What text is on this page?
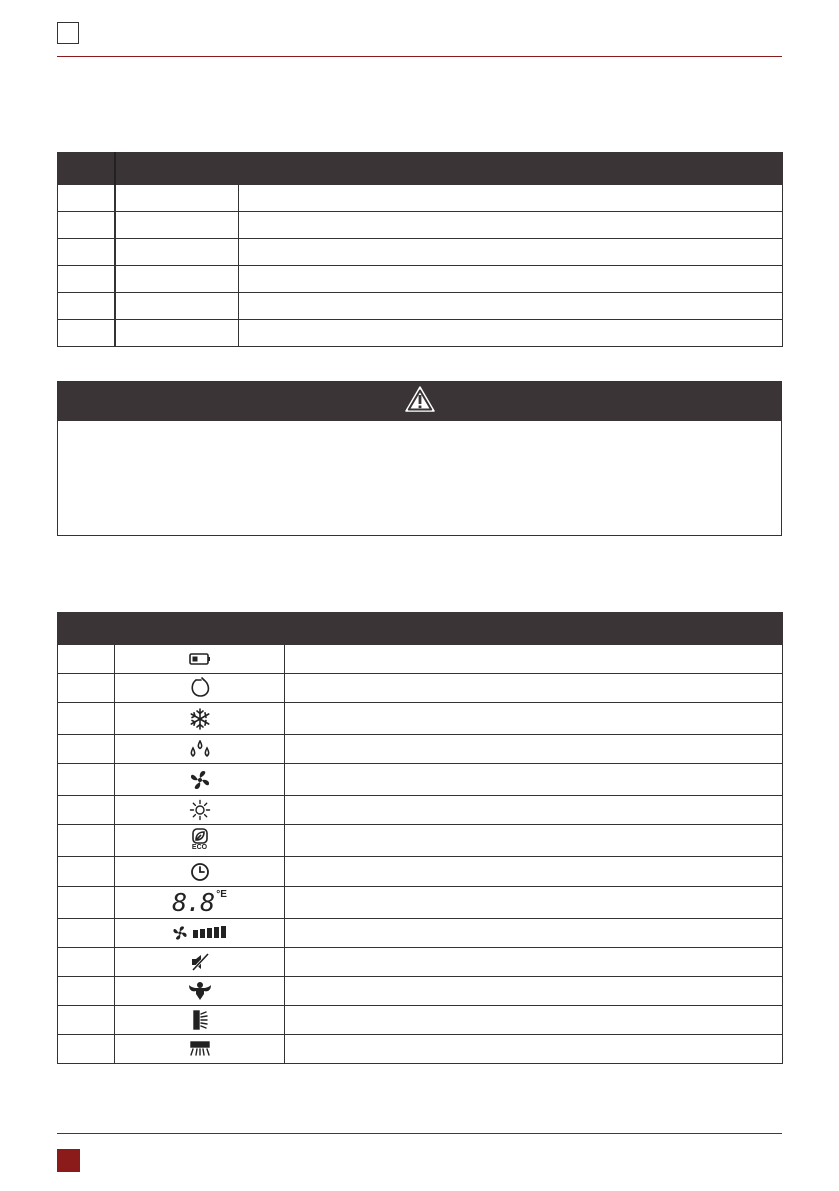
	ECO	

	8.8 °E	
